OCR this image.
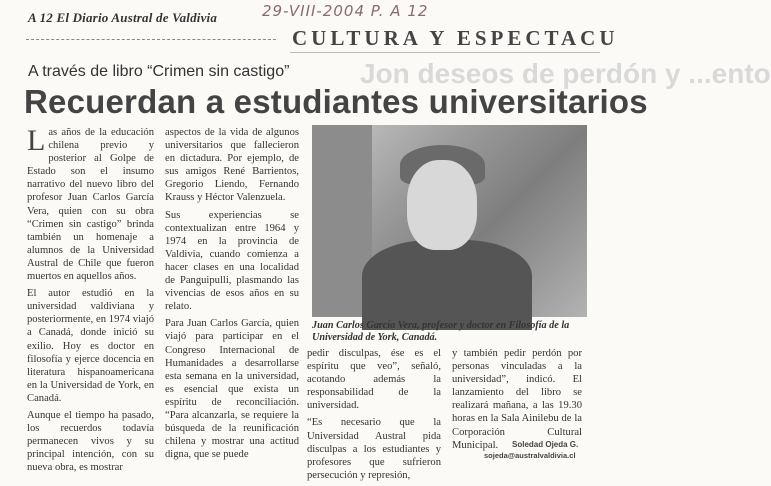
A 12 El Diario Austral de Valdivia	29-VIII-2004 P. A 12
CULTURA Y ESPECTACU
Jon deseos de perdón y ...ento
A través de libro “Crimen sin castigo”
Recuerdan a estudiantes universitarios

Las años de la educación chilena previo y posterior al Golpe de Estado son el insumo narrativo del nuevo libro del profesor Juan Carlos García Vera, quien con su obra “Crimen sin castigo” brinda también un homenaje a alumnos de la Universidad Austral de Chile que fueron muertos en aquellos años.

El autor estudió en la universidad valdiviana y posteriormente, en 1974 viajó a Canadá, donde inició su exilio. Hoy es doctor en filosofía y ejerce docencia en literatura hispanoamericana en la Universidad de York, en Canadá.

Aunque el tiempo ha pasado, los recuerdos todavía permanecen vivos y su principal intención, con su nueva obra, es mostrar

aspectos de la vida de algunos universitarios que fallecieron en dictadura. Por ejemplo, de sus amigos René Barrientos, Gregorio Liendo, Fernando Krauss y Héctor Valenzuela.

Sus experiencias se contextualizan entre 1964 y 1974 en la provincia de Valdivia, cuando comienza a hacer clases en una localidad de Panguipulli, plasmando las vivencias de esos años en su relato.

Para Juan Carlos García, quien viajó para participar en el Congreso Internacional de Humanidades a desarrollarse esta semana en la universidad, es esencial que exista un espíritu de reconciliación. “Para alcanzarla, se requiere la búsqueda de la reunificación chilena y mostrar una actitud digna, que se puede

Juan Carlos García Vera, profesor y doctor en Filosofía de la Universidad de York, Canadá.

pedir disculpas, ése es el espíritu que veo”, señaló, acotando además la responsabilidad de la universidad.

“Es necesario que la Universidad Austral pida disculpas a los estudiantes y profesores que sufrieron persecución y represión,

y también pedir perdón por personas vinculadas a la universidad”, indicó. El lanzamiento del libro se realizará mañana, a las 19.30 horas en la Sala Ainilebu de la Corporación Cultural Municipal.	Soledad Ojeda G.
sojeda@australvaldivia.cl
